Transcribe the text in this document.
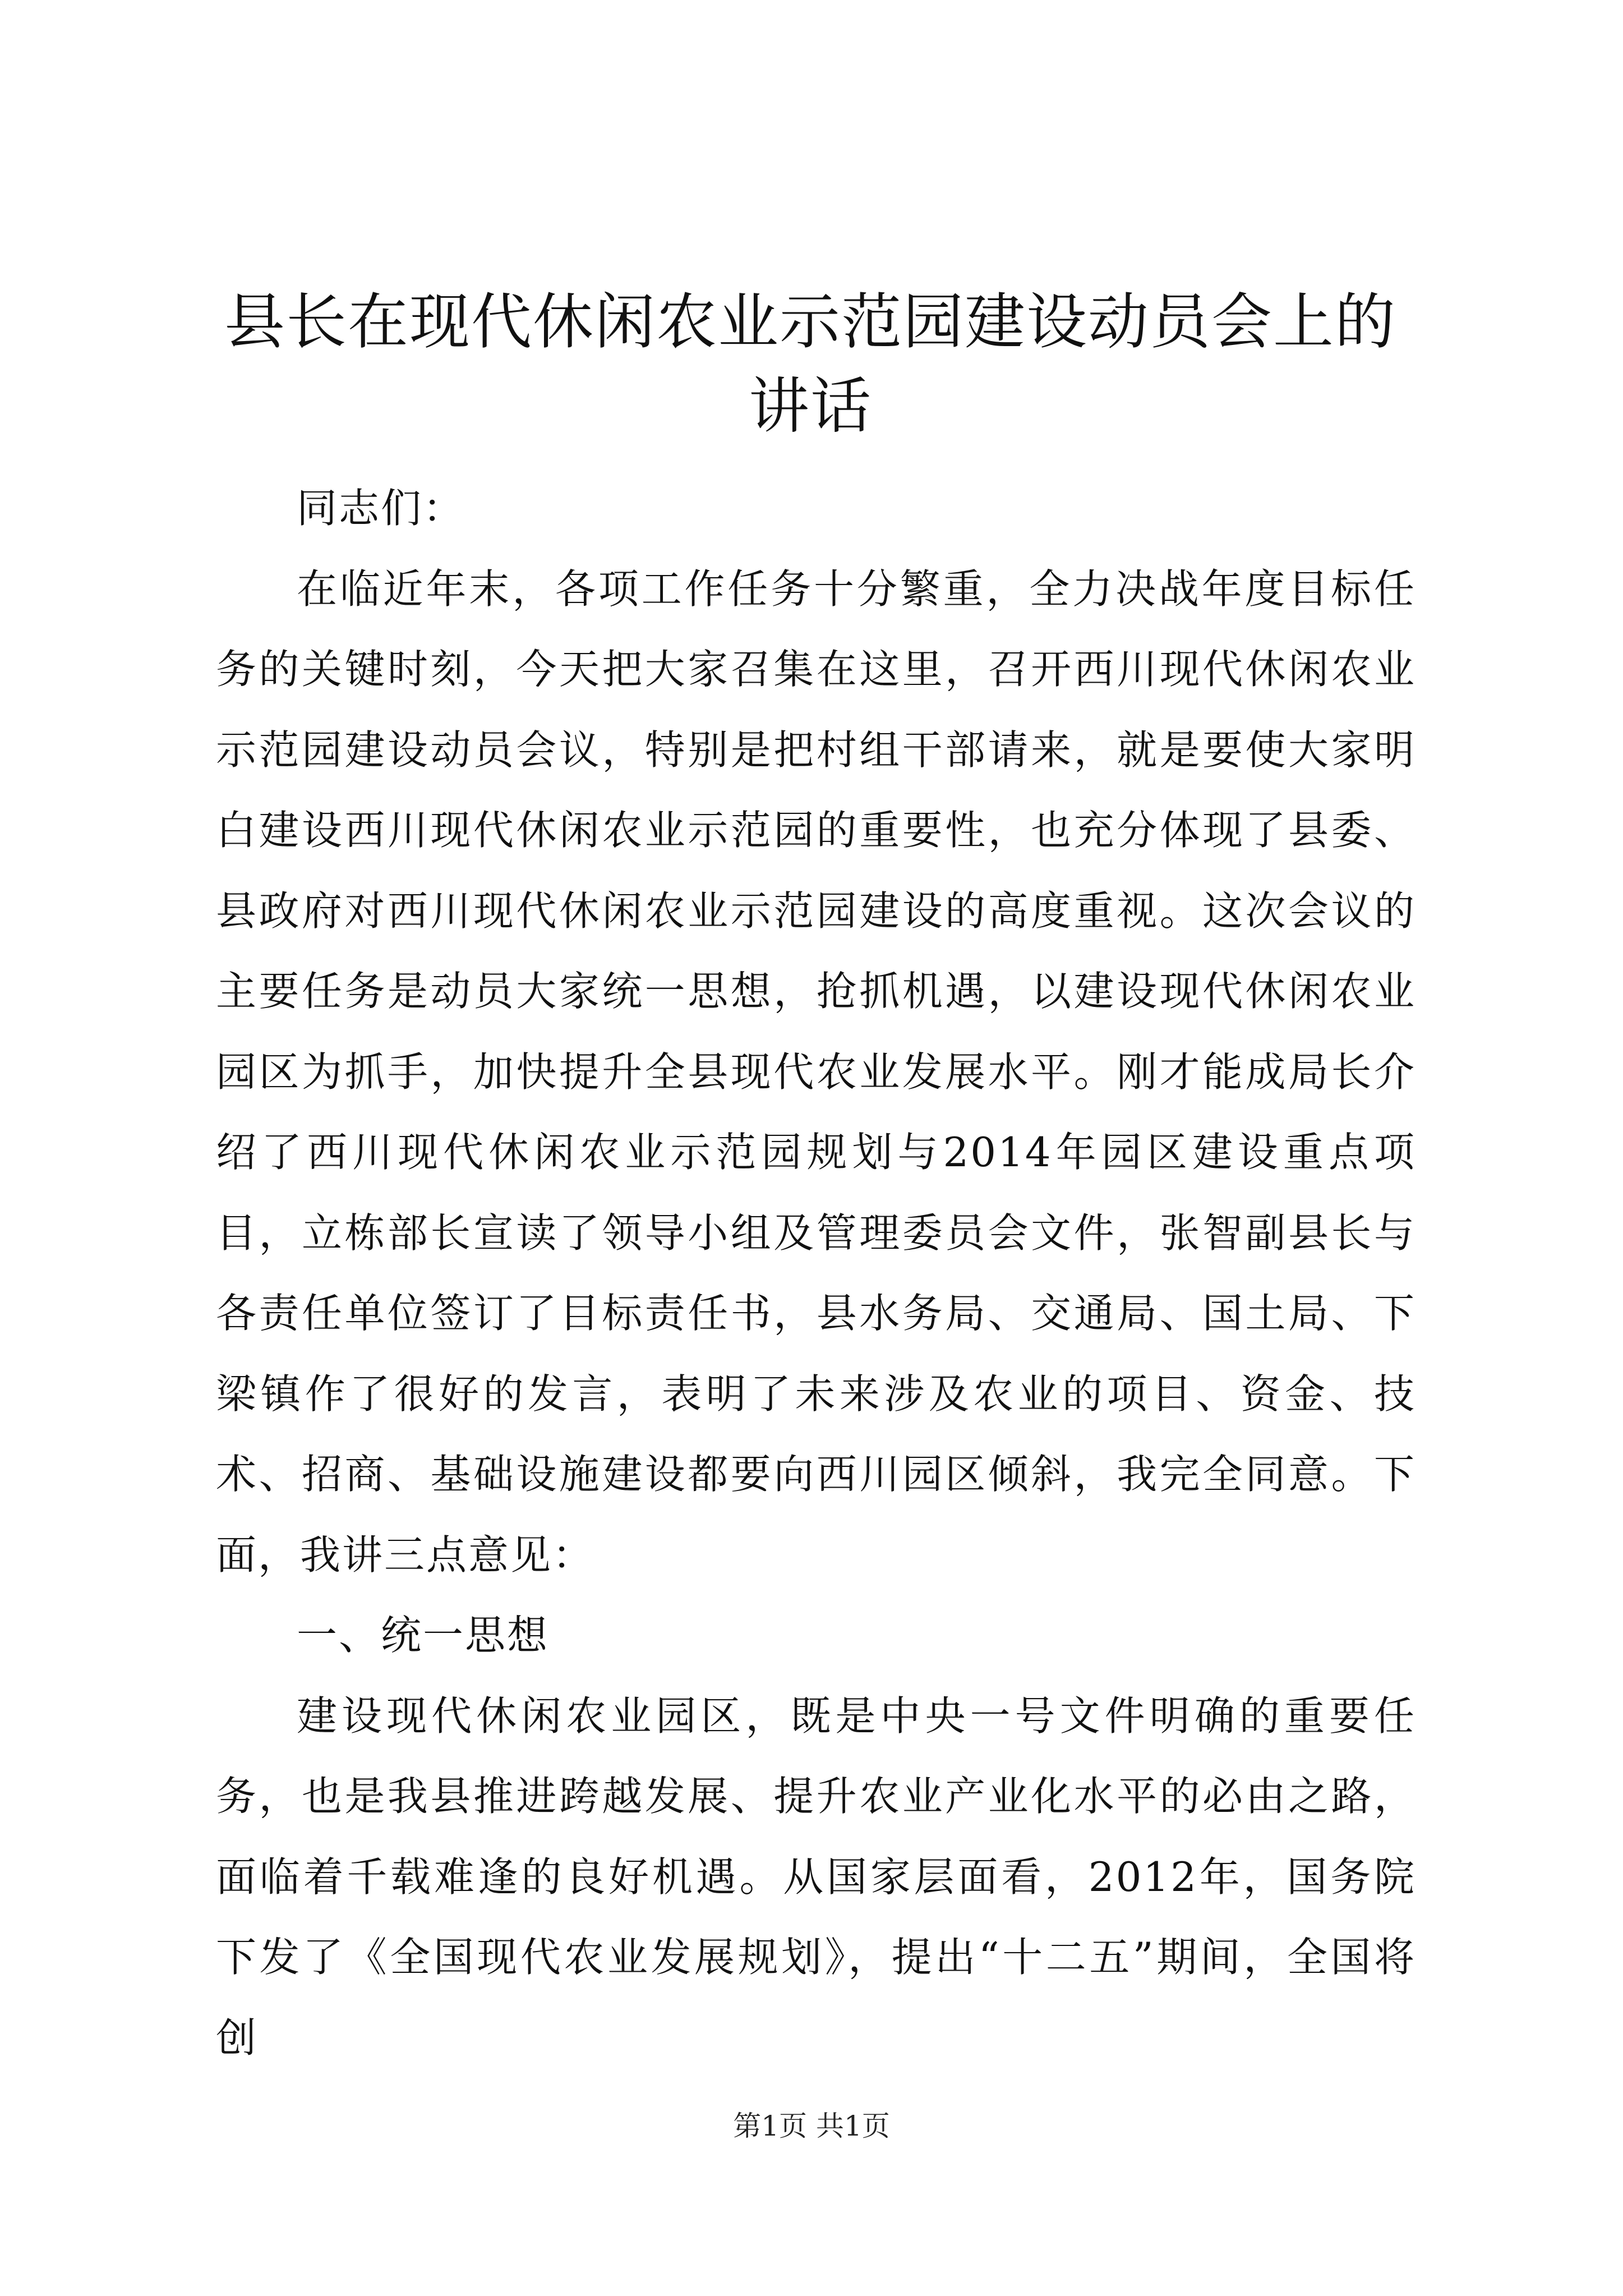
县长在现代休闲农业示范园建设动员会上的讲话

同志们：

在临近年末，各项工作任务十分繁重，全力决战年度目标任务的关键时刻，今天把大家召集在这里，召开西川现代休闲农业示范园建设动员会议，特别是把村组干部请来，就是要使大家明白建设西川现代休闲农业示范园的重要性，也充分体现了县委、县政府对西川现代休闲农业示范园建设的高度重视。这次会议的主要任务是动员大家统一思想，抢抓机遇，以建设现代休闲农业园区为抓手，加快提升全县现代农业发展水平。刚才能成局长介绍了西川现代休闲农业示范园规划与2014年园区建设重点项目，立栋部长宣读了领导小组及管理委员会文件，张智副县长与各责任单位签订了目标责任书，县水务局、交通局、国土局、下梁镇作了很好的发言，表明了未来涉及农业的项目、资金、技术、招商、基础设施建设都要向西川园区倾斜，我完全同意。下面，我讲三点意见：

一、统一思想

建设现代休闲农业园区，既是中央一号文件明确的重要任务，也是我县推进跨越发展、提升农业产业化水平的必由之路，面临着千载难逢的良好机遇。从国家层面看，2012年，国务院下发了《全国现代农业发展规划》，提出“十二五”期间，全国将创

第1页 共1页
